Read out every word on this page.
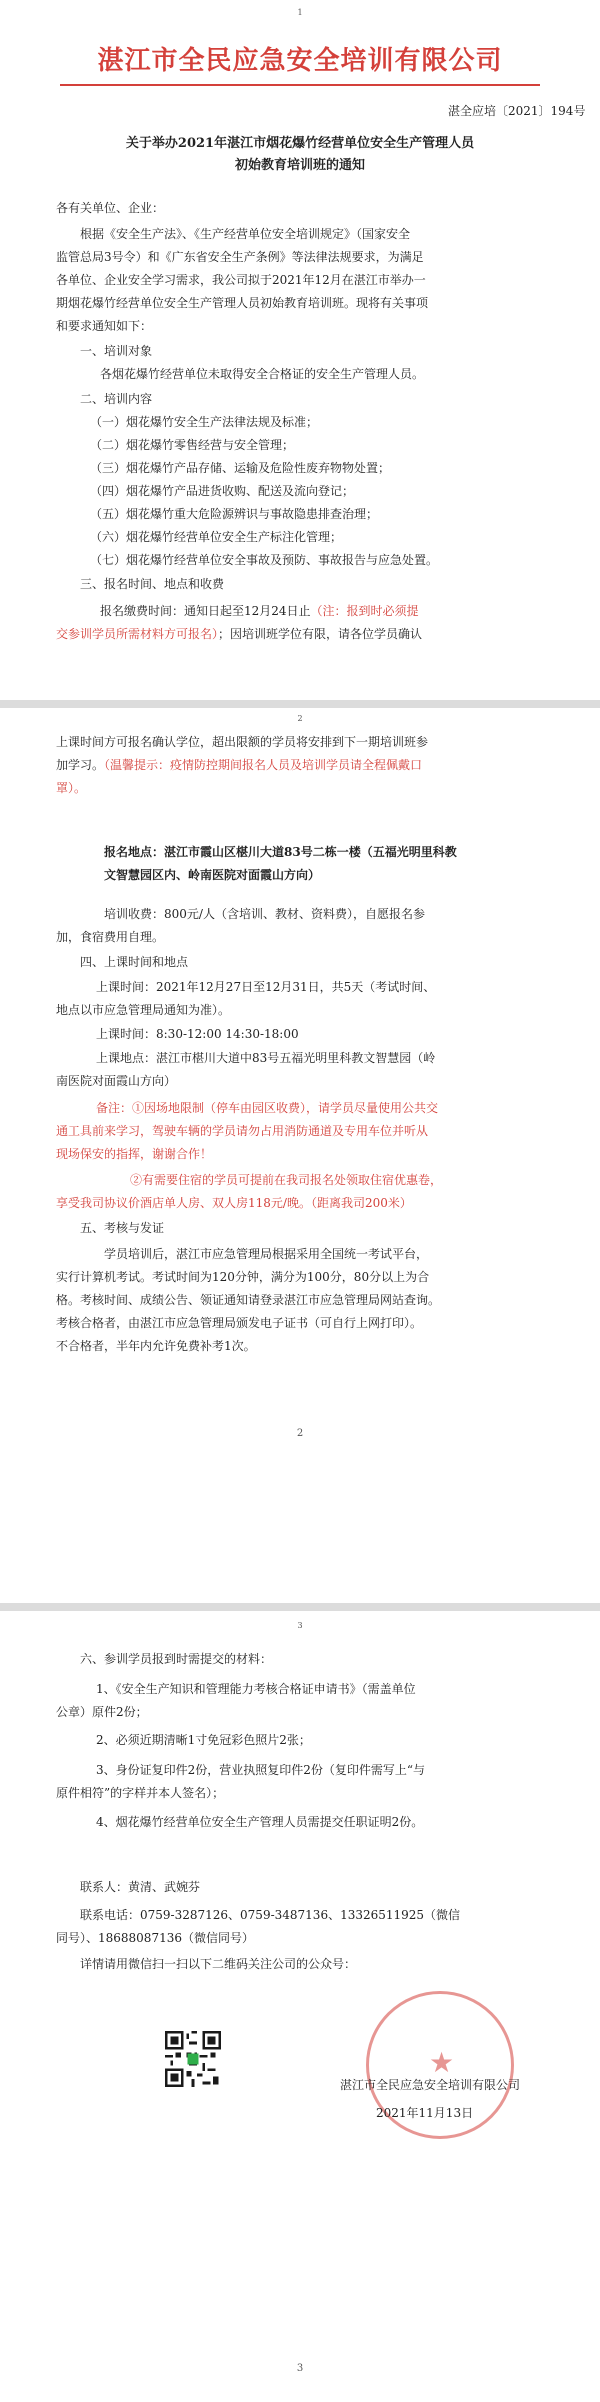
1
湛江市全民应急安全培训有限公司
湛全应培〔2021〕194号
关于举办2021年湛江市烟花爆竹经营单位安全生产管理人员
初始教育培训班的通知
各有关单位、企业：
根据《安全生产法》、《生产经营单位安全培训规定》（国家安全
监管总局3号令）和《广东省安全生产条例》等法律法规要求，为满足
各单位、企业安全学习需求，我公司拟于2021年12月在湛江市举办一
期烟花爆竹经营单位安全生产管理人员初始教育培训班。现将有关事项
和要求通知如下：
一、培训对象
各烟花爆竹经营单位未取得安全合格证的安全生产管理人员。
二、培训内容
（一）烟花爆竹安全生产法律法规及标准；
（二）烟花爆竹零售经营与安全管理；
（三）烟花爆竹产品存储、运输及危险性废弃物物处置；
（四）烟花爆竹产品进货收购、配送及流向登记；
（五）烟花爆竹重大危险源辨识与事故隐患排查治理；
（六）烟花爆竹经营单位安全生产标注化管理；
（七）烟花爆竹经营单位安全事故及预防、事故报告与应急处置。
三、报名时间、地点和收费
报名缴费时间：通知日起至12月24日止（注：报到时必须提
交参训学员所需材料方可报名）；因培训班学位有限，请各位学员确认
2
上课时间方可报名确认学位，超出限额的学员将安排到下一期培训班参
加学习。（温馨提示：疫情防控期间报名人员及培训学员请全程佩戴口
罩）。
报名地点：湛江市霞山区椹川大道83号二栋一楼（五福光明里科教
文智慧园区内、岭南医院对面霞山方向）
培训收费：800元/人（含培训、教材、资料费），自愿报名参
加，食宿费用自理。
四、上课时间和地点
上课时间：2021年12月27日至12月31日，共5天（考试时间、
地点以市应急管理局通知为准）。
上课时间：8:30-12:00 14:30-18:00
上课地点：湛江市椹川大道中83号五福光明里科教文智慧园（岭
南医院对面霞山方向）
备注：①因场地限制（停车由园区收费），请学员尽量使用公共交
通工具前来学习，驾驶车辆的学员请勿占用消防通道及专用车位并听从
现场保安的指挥，谢谢合作！
②有需要住宿的学员可提前在我司报名处领取住宿优惠卷，
享受我司协议价酒店单人房、双人房118元/晚。（距离我司200米）
五、考核与发证
学员培训后，湛江市应急管理局根据采用全国统一考试平台，
实行计算机考试。考试时间为120分钟，满分为100分，80分以上为合
格。考核时间、成绩公告、领证通知请登录湛江市应急管理局网站查询。
考核合格者，由湛江市应急管理局颁发电子证书（可自行上网打印）。
不合格者，半年内允许免费补考1次。
2
3
六、参训学员报到时需提交的材料：
1、《安全生产知识和管理能力考核合格证申请书》（需盖单位
公章）原件2份；
2、必须近期清晰1寸免冠彩色照片2张；
3、身份证复印件2份，营业执照复印件2份（复印件需写上“与
原件相符”的字样并本人签名）；
4、烟花爆竹经营单位安全生产管理人员需提交任职证明2份。
联系人：黄清、武婉芬
联系电话：0759-3287126、0759-3487136、13326511925（微信
同号）、18688087136（微信同号）
详情请用微信扫一扫以下二维码关注公司的公众号：
★
湛江市全民应急安全培训有限公司
2021年11月13日
3
